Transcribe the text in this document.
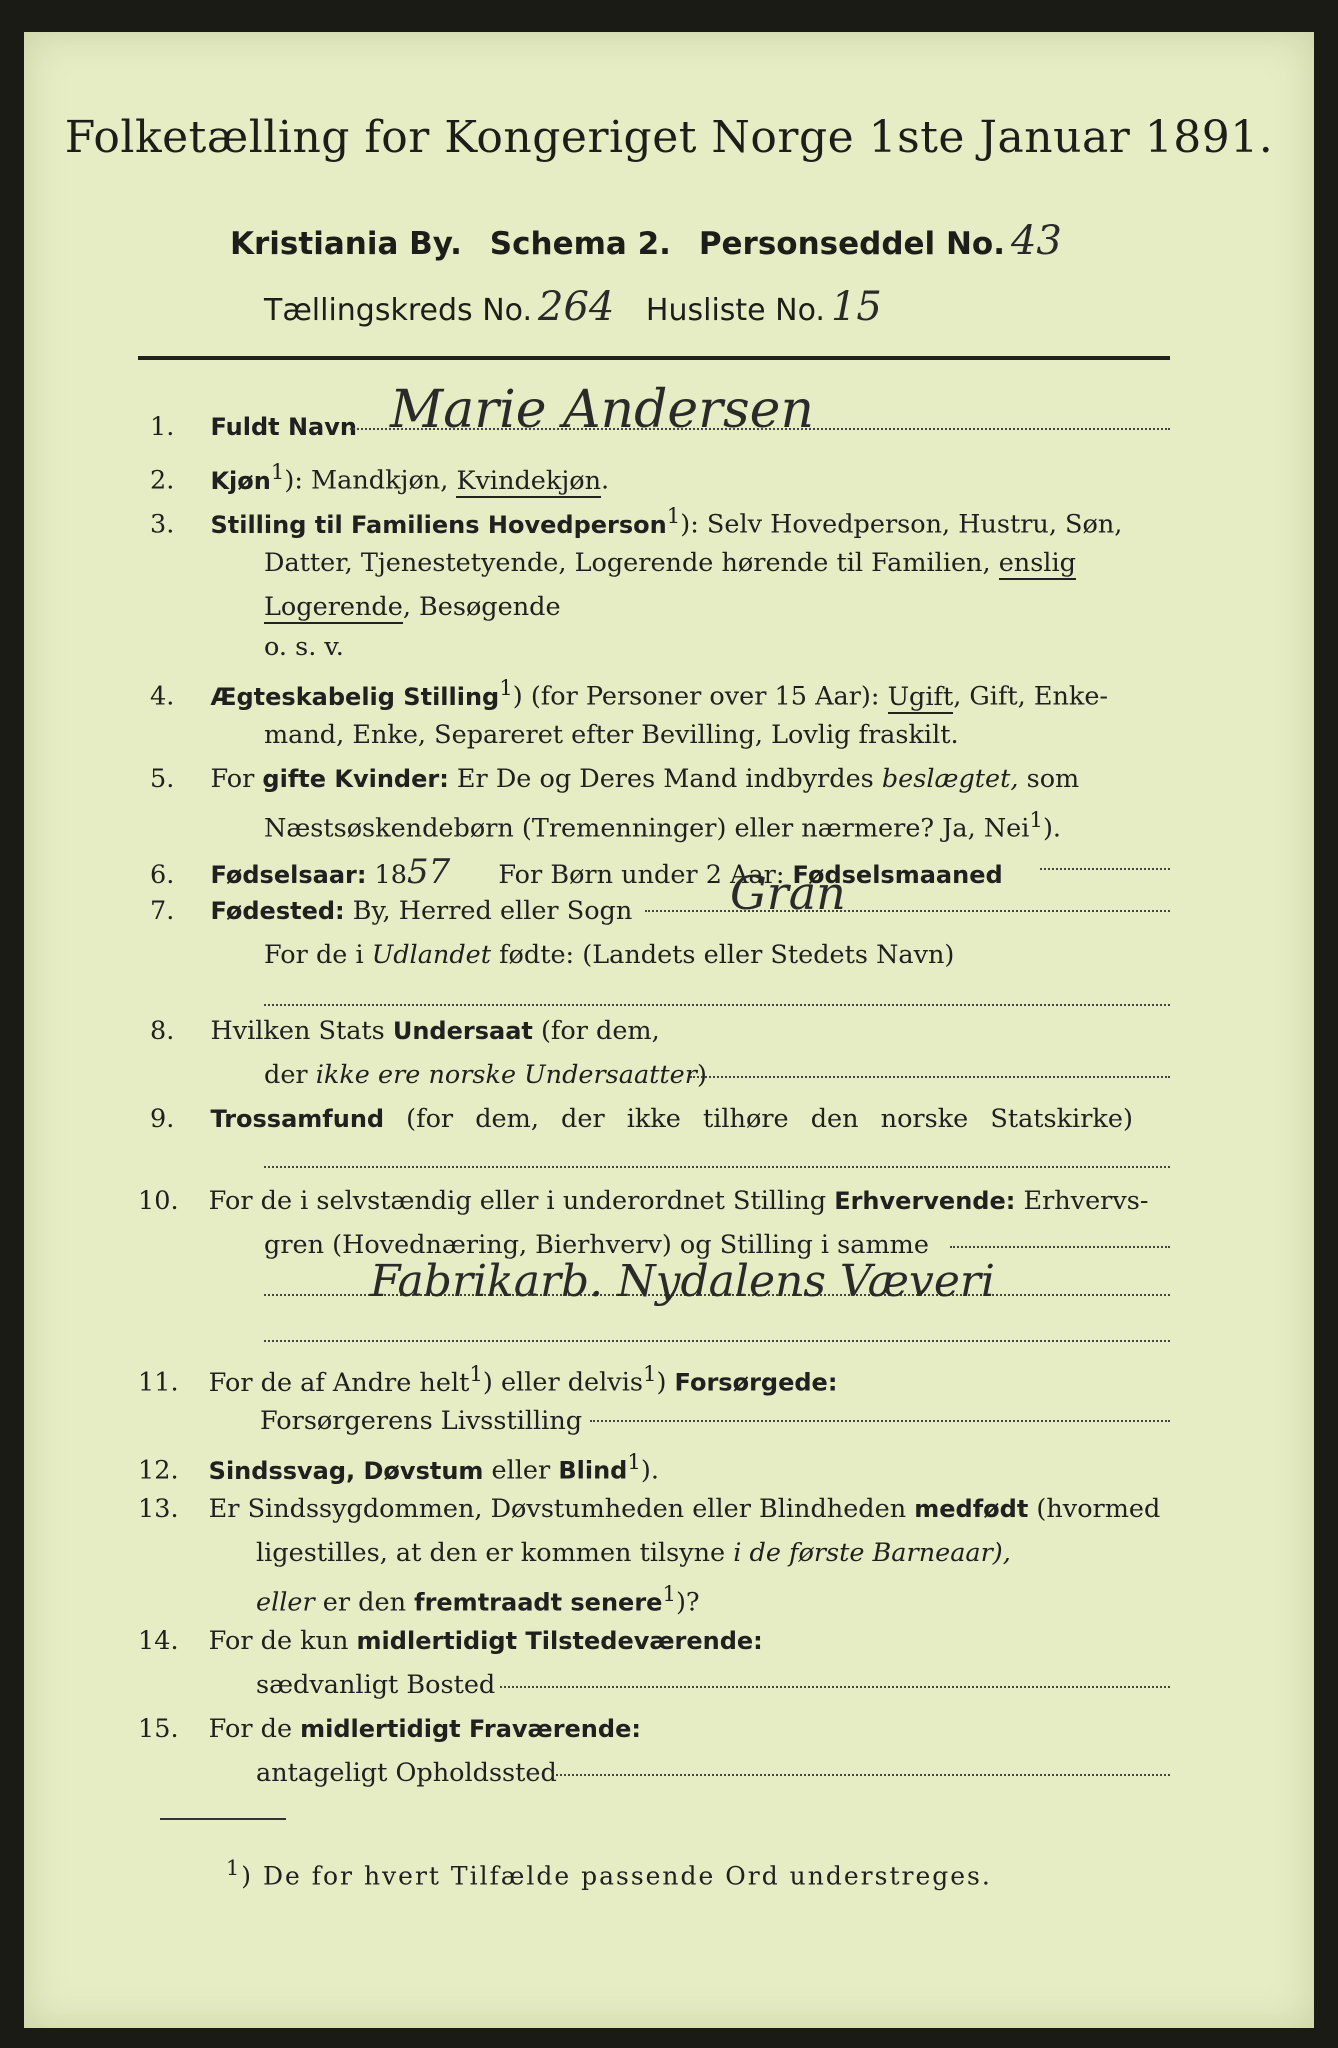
Folketælling for Kongeriget Norge 1ste Januar 1891.
Kristiania By. Schema 2. Personseddel No. 43
Tællingskreds No. 264 Husliste No. 15
1. Fuldt Navn Marie Andersen
2. Kjøn$^1$): Mandkjøn, Kvindekjøn.
3. Stilling til Familiens Hovedperson$^1$): Selv Hovedperson, Hustru, Søn,
Datter, Tjenestetyende, Logerende hørende til Familien, enslig
Logerende, Besøgende
o. s. v.
4. Ægteskabelig Stilling$^1$) (for Personer over 15 Aar): Ugift, Gift, Enke-
mand, Enke, Separeret efter Bevilling, Lovlig fraskilt.
5. For gifte Kvinder: Er De og Deres Mand indbyrdes beslægtet, som
Næstsøskendebørn (Tremenninger) eller nærmere? Ja, Nei$^1$).
6. Fødselsaar: 1857 For Børn under 2 Aar: Fødselsmaaned
7. Fødested: By, Herred eller Sogn Gran
For de i Udlandet fødte: (Landets eller Stedets Navn)
8. Hvilken Stats Undersaat (for dem,
der ikke ere norske Undersaatter)
9. Trossamfund (for dem, der ikke tilhøre den norske Statskirke)
10. For de i selvstændig eller i underordnet Stilling Erhvervende: Erhvervs-
gren (Hovednæring, Bierhverv) og Stilling i samme
Fabrikarb. Nydalens Væveri
11. For de af Andre helt$^1$) eller delvis$^1$) Forsørgede:
Forsørgerens Livsstilling
12. Sindssvag, Døvstum eller Blind$^1$).
13. Er Sindssygdommen, Døvstumheden eller Blindheden medfødt (hvormed
ligestilles, at den er kommen tilsyne i de første Barneaar),
eller er den fremtraadt senere$^1$)?
14. For de kun midlertidigt Tilstedeværende:
sædvanligt Bosted
15. For de midlertidigt Fraværende:
antageligt Opholdssted
$^1$) De for hvert Tilfælde passende Ord understreges.
